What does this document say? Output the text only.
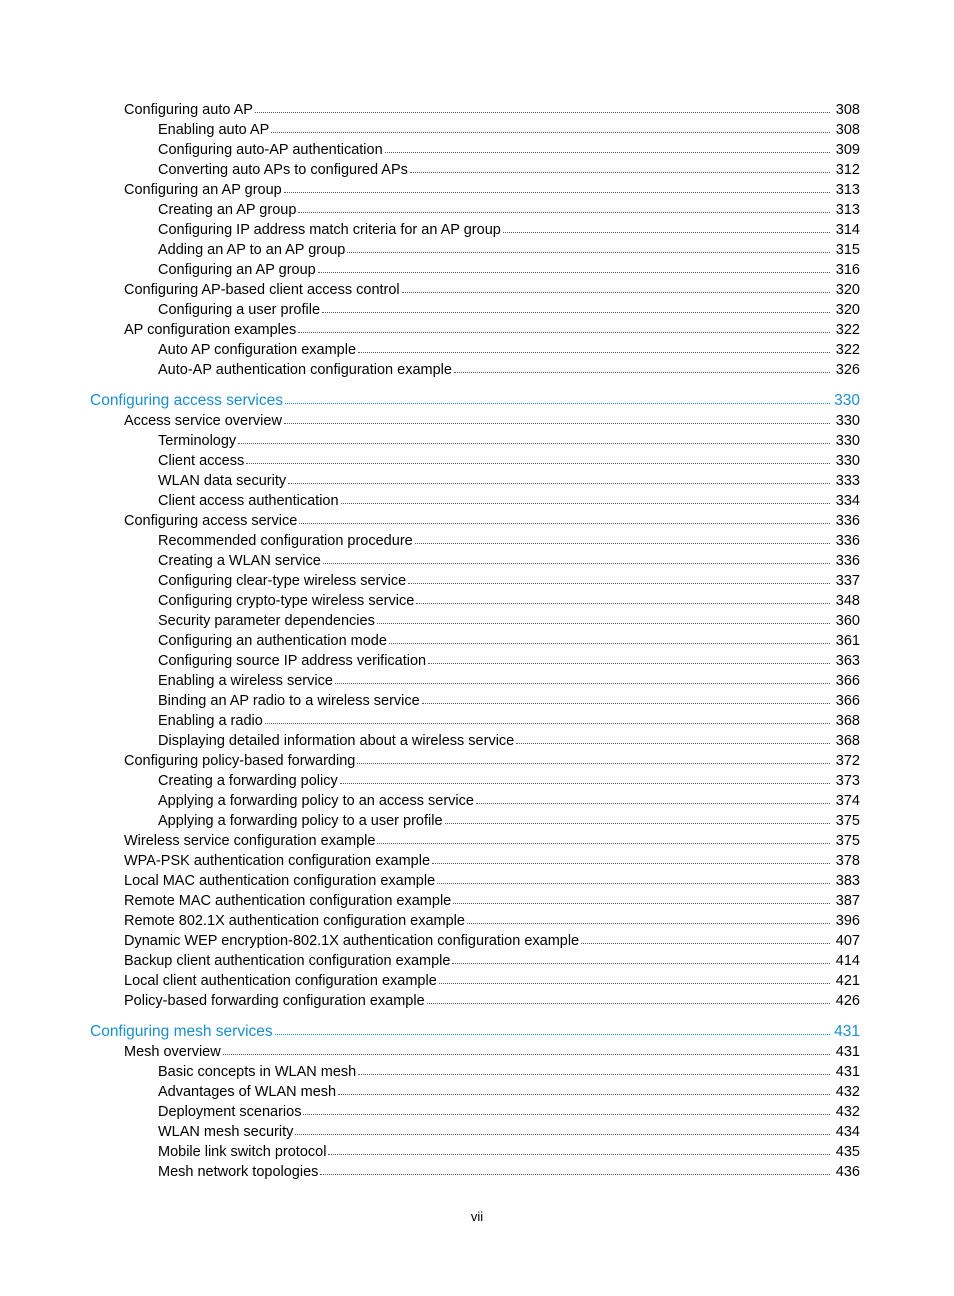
Configuring auto AP	308
Enabling auto AP	308
Configuring auto-AP authentication	309
Converting auto APs to configured APs	312
Configuring an AP group	313
Creating an AP group	313
Configuring IP address match criteria for an AP group	314
Adding an AP to an AP group	315
Configuring an AP group	316
Configuring AP-based client access control	320
Configuring a user profile	320
AP configuration examples	322
Auto AP configuration example	322
Auto-AP authentication configuration example	326
Configuring access services	330
Access service overview	330
Terminology	330
Client access	330
WLAN data security	333
Client access authentication	334
Configuring access service	336
Recommended configuration procedure	336
Creating a WLAN service	336
Configuring clear-type wireless service	337
Configuring crypto-type wireless service	348
Security parameter dependencies	360
Configuring an authentication mode	361
Configuring source IP address verification	363
Enabling a wireless service	366
Binding an AP radio to a wireless service	366
Enabling a radio	368
Displaying detailed information about a wireless service	368
Configuring policy-based forwarding	372
Creating a forwarding policy	373
Applying a forwarding policy to an access service	374
Applying a forwarding policy to a user profile	375
Wireless service configuration example	375
WPA-PSK authentication configuration example	378
Local MAC authentication configuration example	383
Remote MAC authentication configuration example	387
Remote 802.1X authentication configuration example	396
Dynamic WEP encryption-802.1X authentication configuration example	407
Backup client authentication configuration example	414
Local client authentication configuration example	421
Policy-based forwarding configuration example	426
Configuring mesh services	431
Mesh overview	431
Basic concepts in WLAN mesh	431
Advantages of WLAN mesh	432
Deployment scenarios	432
WLAN mesh security	434
Mobile link switch protocol	435
Mesh network topologies	436
vii
